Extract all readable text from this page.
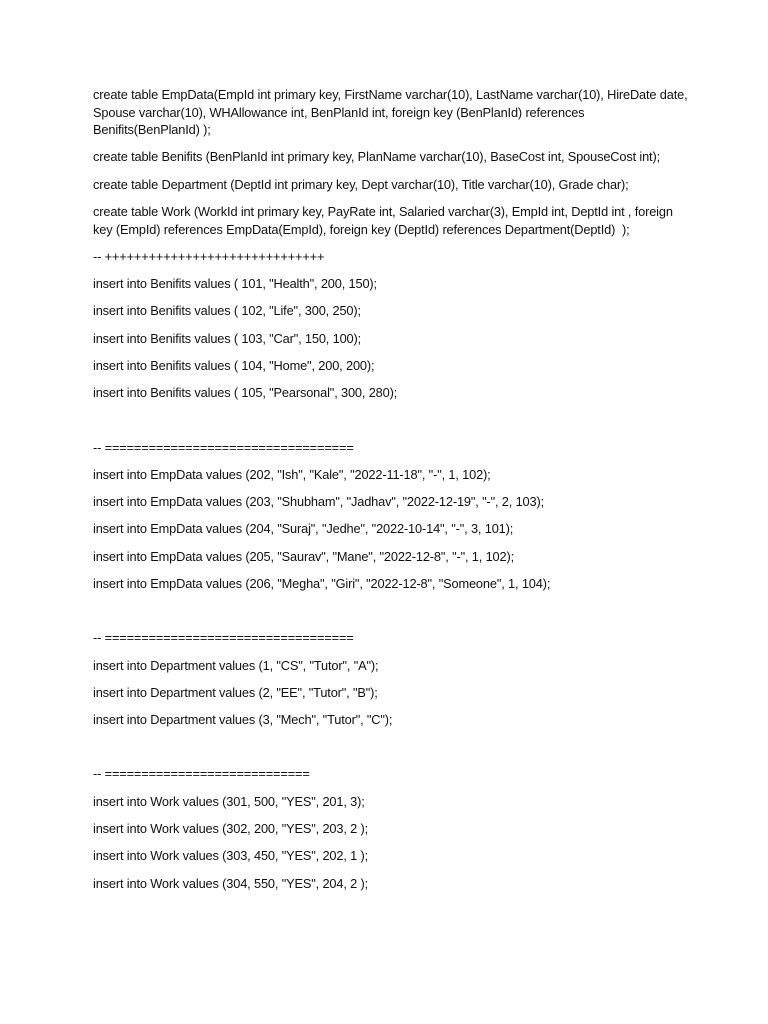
create table EmpData(EmpId int primary key, FirstName varchar(10), LastName varchar(10), HireDate date, Spouse varchar(10), WHAllowance int, BenPlanId int, foreign key (BenPlanId) references Benifits(BenPlanId) );

create table Benifits (BenPlanId int primary key, PlanName varchar(10), BaseCost int, SpouseCost int);

create table Department (DeptId int primary key, Dept varchar(10), Title varchar(10), Grade char);

create table Work (WorkId int primary key, PayRate int, Salaried varchar(3), EmpId int, DeptId int , foreign key (EmpId) references EmpData(EmpId), foreign key (DeptId) references Department(DeptId)  );

-- ++++++++++++++++++++++++++++++

insert into Benifits values ( 101, "Health", 200, 150);

insert into Benifits values ( 102, "Life", 300, 250);

insert into Benifits values ( 103, "Car", 150, 100);

insert into Benifits values ( 104, "Home", 200, 200);

insert into Benifits values ( 105, "Pearsonal", 300, 280);

-- ==================================

insert into EmpData values (202, "Ish", "Kale", "2022-11-18", "-", 1, 102);

insert into EmpData values (203, "Shubham", "Jadhav", "2022-12-19", "-", 2, 103);

insert into EmpData values (204, "Suraj", "Jedhe", "2022-10-14", "-", 3, 101);

insert into EmpData values (205, "Saurav", "Mane", "2022-12-8", "-", 1, 102);

insert into EmpData values (206, "Megha", "Giri", "2022-12-8", "Someone", 1, 104);

-- ==================================

insert into Department values (1, "CS", "Tutor", "A");

insert into Department values (2, "EE", "Tutor", "B");

insert into Department values (3, "Mech", "Tutor", "C");

-- ============================

insert into Work values (301, 500, "YES", 201, 3);

insert into Work values (302, 200, "YES", 203, 2 );

insert into Work values (303, 450, "YES", 202, 1 );

insert into Work values (304, 550, "YES", 204, 2 );
